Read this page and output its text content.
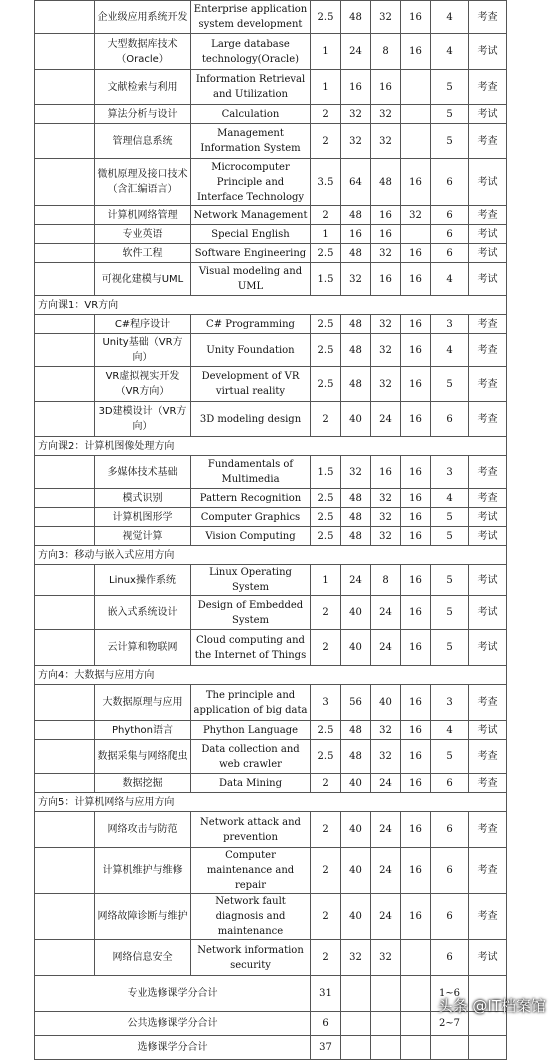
	企业级应用系统开发	Enterprise application system development	2.5	48	32	16	4	考查
	大型数据库技术（Oracle）	Large database technology(Oracle)	1	24	8	16	4	考试
	文献检索与利用	Information Retrieval and Utilization	1	16	16		5	考查
	算法分析与设计	Calculation	2	32	32		5	考试
	管理信息系统	Management Information System	2	32	32		5	考查
	微机原理及接口技术（含汇编语言）	Microcomputer Principle and Interface Technology	3.5	64	48	16	6	考试
	计算机网络管理	Network Management	2	48	16	32	6	考查
	专业英语	Special English	1	16	16		6	考试
	软件工程	Software Engineering	2.5	48	32	16	6	考试
	可视化建模与UML	Visual modeling and UML	1.5	32	16	16	4	考试
方向课1：VR方向								
	C#程序设计	C# Programming	2.5	48	32	16	3	考查
	Unity基础（VR方向）	Unity Foundation	2.5	48	32	16	4	考查
	VR虚拟视实开发（VR方向）	Development of VR virtual reality	2.5	48	32	16	5	考查
	3D建模设计（VR方向）	3D modeling design	2	40	24	16	6	考查
方向课2：计算机图像处理方向								
	多媒体技术基础	Fundamentals of Multimedia	1.5	32	16	16	3	考查
	模式识别	Pattern Recognition	2.5	48	32	16	4	考查
	计算机图形学	Computer Graphics	2.5	48	32	16	5	考试
	视觉计算	Vision Computing	2.5	48	32	16	5	考试
方向3：移动与嵌入式应用方向								
	Linux操作系统	Linux Operating System	1	24	8	16	5	考试
	嵌入式系统设计	Design of Embedded System	2	40	24	16	5	考试
	云计算和物联网	Cloud computing and the Internet of Things	2	40	24	16	5	考试
方向4：大数据与应用方向								
	大数据原理与应用	The principle and application of big data	3	56	40	16	3	考查
	Phython语言	Phython Language	2.5	48	32	16	4	考试
	数据采集与网络爬虫	Data collection and web crawler	2.5	48	32	16	5	考查
	数据挖掘	Data Mining	2	40	24	16	6	考查
方向5：计算机网络与应用方向								
	网络攻击与防范	Network attack and prevention	2	40	24	16	6	考查
	计算机维护与维修	Computer maintenance and repair	2	40	24	16	6	考查
	网络故障诊断与维护	Network fault diagnosis and maintenance	2	40	24	16	6	考查
	网络信息安全	Network information security	2	32	32		6	考试
专业选修课学分合计			31				1~6	
公共选修课学分合计			6				2~7	
选修课学分合计			37					
头条 @IT档案馆
